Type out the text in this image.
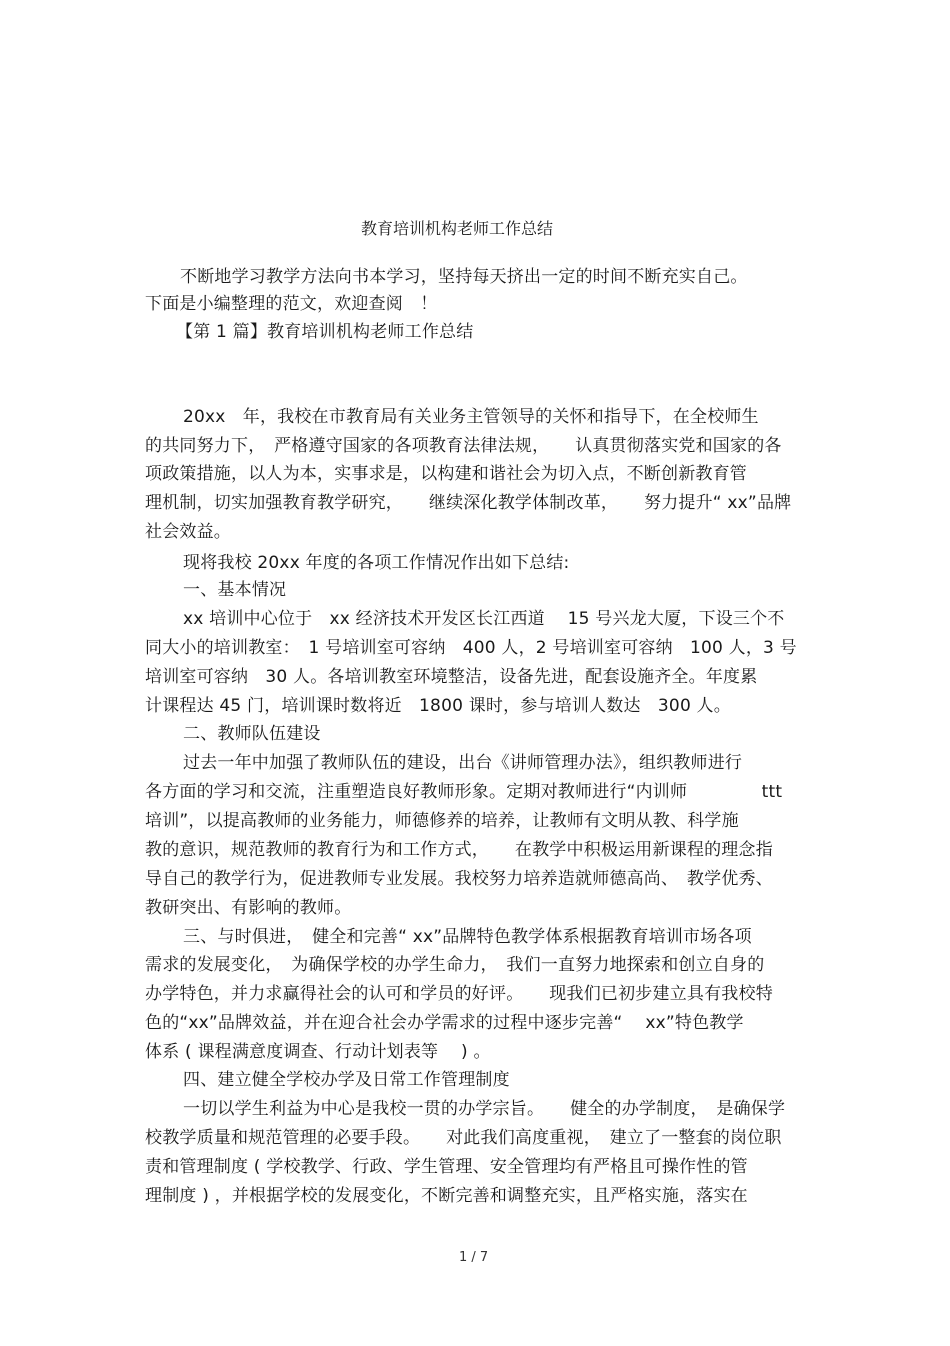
教育培训机构老师工作总结
不断地学习教学方法向书本学习，坚持每天挤出一定的时间不断充实自己。
下面是小编整理的范文，欢迎查阅　！
【第 1 篇】教育培训机构老师工作总结
20xx　年，我校在市教育局有关业务主管领导的关怀和指导下，在全校师生
的共同努力下，　严格遵守国家的各项教育法律法规，　　认真贯彻落实党和国家的各
项政策措施，以人为本，实事求是，以构建和谐社会为切入点，不断创新教育管
理机制，切实加强教育教学研究，　　继续深化教学体制改革，　　努力提升“ xx”品牌
社会效益。
现将我校 20xx 年度的各项工作情况作出如下总结:
一、基本情况
xx 培训中心位于　xx 经济技术开发区长江西道　 15 号兴龙大厦，下设三个不
同大小的培训教室：　1 号培训室可容纳　400 人，2 号培训室可容纳　100 人，3 号
培训室可容纳　30 人。各培训教室环境整洁，设备先进，配套设施齐全。年度累
计课程达 45 门，培训课时数将近　1800 课时，参与培训人数达　300 人。
二、教师队伍建设
过去一年中加强了教师队伍的建设，出台《讲师管理办法》，组织教师进行
各方面的学习和交流，注重塑造良好教师形象。定期对教师进行“内训师　　　　 ttt
培训”，以提高教师的业务能力，师德修养的培养，让教师有文明从教、科学施
教的意识，规范教师的教育行为和工作方式，　　在教学中积极运用新课程的理念指
导自己的教学行为，促进教师专业发展。我校努力培养造就师德高尚、　教学优秀、
教研突出、有影响的教师。
三、与时俱进，　健全和完善“ xx”品牌特色教学体系根据教育培训市场各项
需求的发展变化，　为确保学校的办学生命力，　我们一直努力地探索和创立自身的
办学特色，并力求赢得社会的认可和学员的好评。　　现我们已初步建立具有我校特
色的“xx”品牌效益，并在迎合社会办学需求的过程中逐步完善“　 xx”特色教学
体系 ( 课程满意度调查、行动计划表等　 ) 。
四、建立健全学校办学及日常工作管理制度
一切以学生利益为中心是我校一贯的办学宗旨。　　健全的办学制度，　是确保学
校教学质量和规范管理的必要手段。　　对此我们高度重视，　建立了一整套的岗位职
责和管理制度 ( 学校教学、行政、学生管理、安全管理均有严格且可操作性的管
理制度 ) ，并根据学校的发展变化，不断完善和调整充实，且严格实施，落实在
1 / 7
